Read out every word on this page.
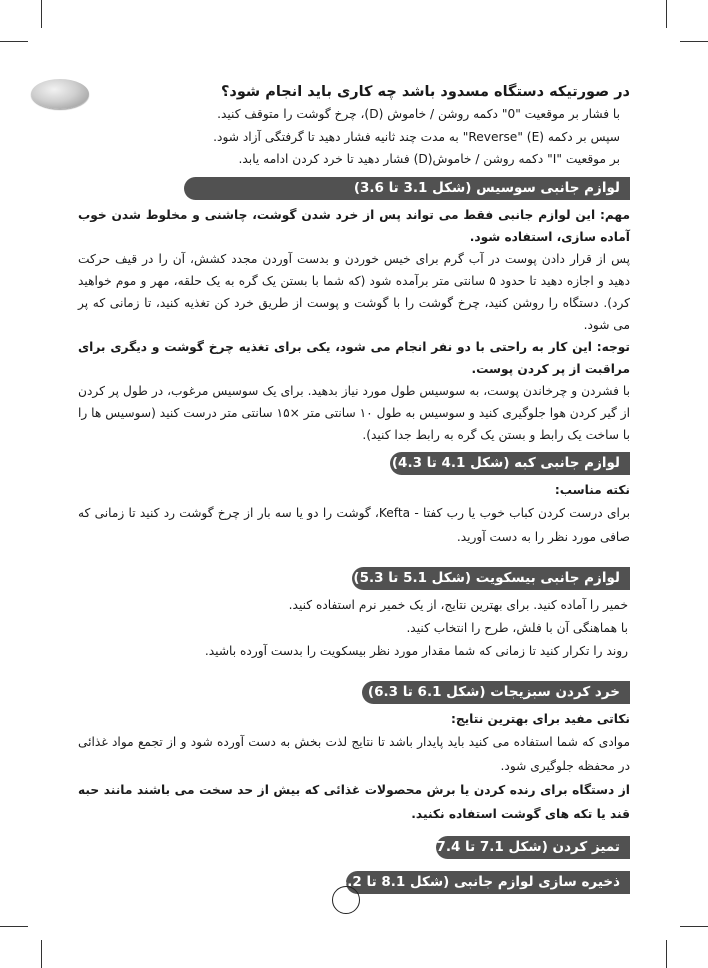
در صورتیکه دستگاه مسدود باشد چه کاری باید انجام شود؟
با فشار بر موقعیت "0" دکمه روشن / خاموش (D)، چرخ گوشت را متوقف کنید.
سپس بر دکمه (E) "Reverse" به مدت چند ثانیه فشار دهید تا گرفتگی آزاد شود.
بر موقعیت "I" دکمه روشن / خاموش(D) فشار دهید تا خرد کردن ادامه یابد.
لوازم جانبی سوسیس (شکل 3.1 تا 3.6)

مهم: این لوازم جانبی فقط می تواند پس از خرد شدن گوشت، چاشنی و مخلوط شدن خوب آماده سازی، استفاده شود.

پس از قرار دادن پوست در آب گرم برای خیس خوردن و بدست آوردن مجدد کشش، آن را در قیف حرکت دهید و اجازه دهید تا حدود ۵ سانتی متر برآمده شود (که شما با بستن یک گره به یک حلقه، مهر و موم خواهید کرد). دستگاه را روشن کنید، چرخ گوشت را با گوشت و پوست از طریق خرد کن تغذیه کنید، تا زمانی که پر می شود.

توجه: این کار به راحتی با دو نفر انجام می شود، یکی برای تغذیه چرخ گوشت و دیگری برای مراقبت از پر کردن پوست.

با فشردن و چرخاندن پوست، به سوسیس طول مورد نیاز بدهید. برای یک سوسیس مرغوب، در طول پر کردن از گیر کردن هوا جلوگیری کنید و سوسیس به طول ۱۰ سانتی متر ×۱۵ سانتی متر درست کنید (سوسیس ها را با ساخت یک رابط و بستن یک گره به رابط جدا کنید).

لوازم جانبی کبه (شکل 4.1 تا 4.3)
نکته مناسب:

برای درست کردن کباب خوب یا رب کفتا - Kefta، گوشت را دو یا سه بار از چرخ گوشت رد کنید تا زمانی که صافی مورد نظر را به دست آورید.

لوازم جانبی بیسکویت (شکل 5.1 تا 5.3)
خمیر را آماده کنید. برای بهترین نتایج، از یک خمیر نرم استفاده کنید.
با هماهنگی آن با فلش، طرح را انتخاب کنید.
روند را تکرار کنید تا زمانی که شما مقدار مورد نظر بیسکویت را بدست آورده باشید.
خرد کردن سبزیجات (شکل 6.1 تا 6.3)
نکاتی مفید برای بهترین نتایج:

موادی که شما استفاده می کنید باید پایدار باشد تا نتایج لذت بخش به دست آورده شود و از تجمع مواد غذائی در محفظه جلوگیری شود.

از دستگاه برای رنده کردن یا برش محصولات غذائی که بیش از حد سخت می باشند مانند حبه قند یا تکه های گوشت استفاده نکنید.

تمیز کردن (شکل 7.1 تا 7.4)
ذخیره سازی لوازم جانبی (شکل 8.1 تا 8.2)
